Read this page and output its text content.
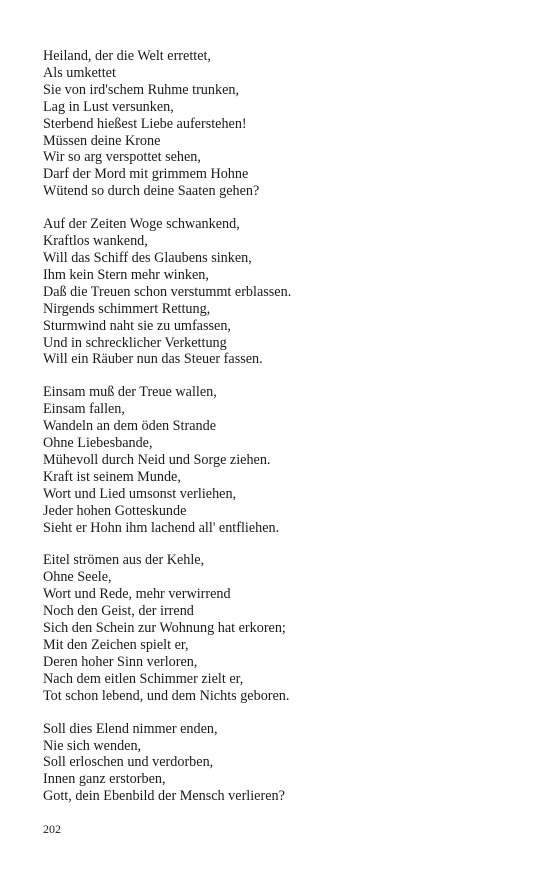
Heiland, der die Welt errettet,
Als umkettet
Sie von ird'schem Ruhme trunken,
Lag in Lust versunken,
Sterbend hießest Liebe auferstehen!
Müssen deine Krone
Wir so arg verspottet sehen,
Darf der Mord mit grimmem Hohne
Wütend so durch deine Saaten gehen?
Auf der Zeiten Woge schwankend,
Kraftlos wankend,
Will das Schiff des Glaubens sinken,
Ihm kein Stern mehr winken,
Daß die Treuen schon verstummt erblassen.
Nirgends schimmert Rettung,
Sturmwind naht sie zu umfassen,
Und in schrecklicher Verkettung
Will ein Räuber nun das Steuer fassen.
Einsam muß der Treue wallen,
Einsam fallen,
Wandeln an dem öden Strande
Ohne Liebesbande,
Mühevoll durch Neid und Sorge ziehen.
Kraft ist seinem Munde,
Wort und Lied umsonst verliehen,
Jeder hohen Gotteskunde
Sieht er Hohn ihm lachend all' entfliehen.
Eitel strömen aus der Kehle,
Ohne Seele,
Wort und Rede, mehr verwirrend
Noch den Geist, der irrend
Sich den Schein zur Wohnung hat erkoren;
Mit den Zeichen spielt er,
Deren hoher Sinn verloren,
Nach dem eitlen Schimmer zielt er,
Tot schon lebend, und dem Nichts geboren.
Soll dies Elend nimmer enden,
Nie sich wenden,
Soll erloschen und verdorben,
Innen ganz erstorben,
Gott, dein Ebenbild der Mensch verlieren?
202
